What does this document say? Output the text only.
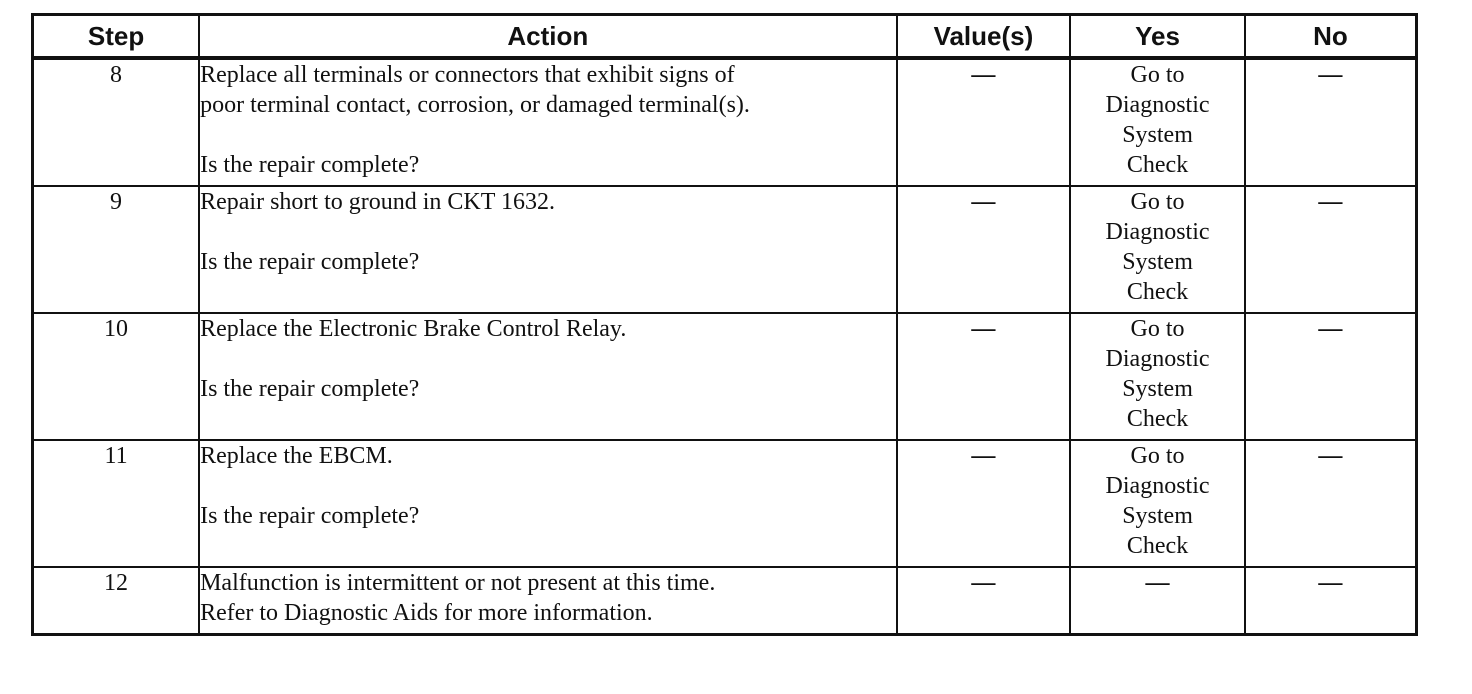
Step	Action	Value(s)	Yes	No
8	Replace all terminals or connectors that exhibit signs of
poor terminal contact, corrosion, or damaged terminal(s).
Is the repair complete?	—	Go to
Diagnostic
System
Check	—
9	Repair short to ground in CKT 1632.
Is the repair complete?	—	Go to
Diagnostic
System
Check	—
10	Replace the Electronic Brake Control Relay.
Is the repair complete?	—	Go to
Diagnostic
System
Check	—
11	Replace the EBCM.
Is the repair complete?	—	Go to
Diagnostic
System
Check	—
12	Malfunction is intermittent or not present at this time.
Refer to Diagnostic Aids for more information.	—	—	—
